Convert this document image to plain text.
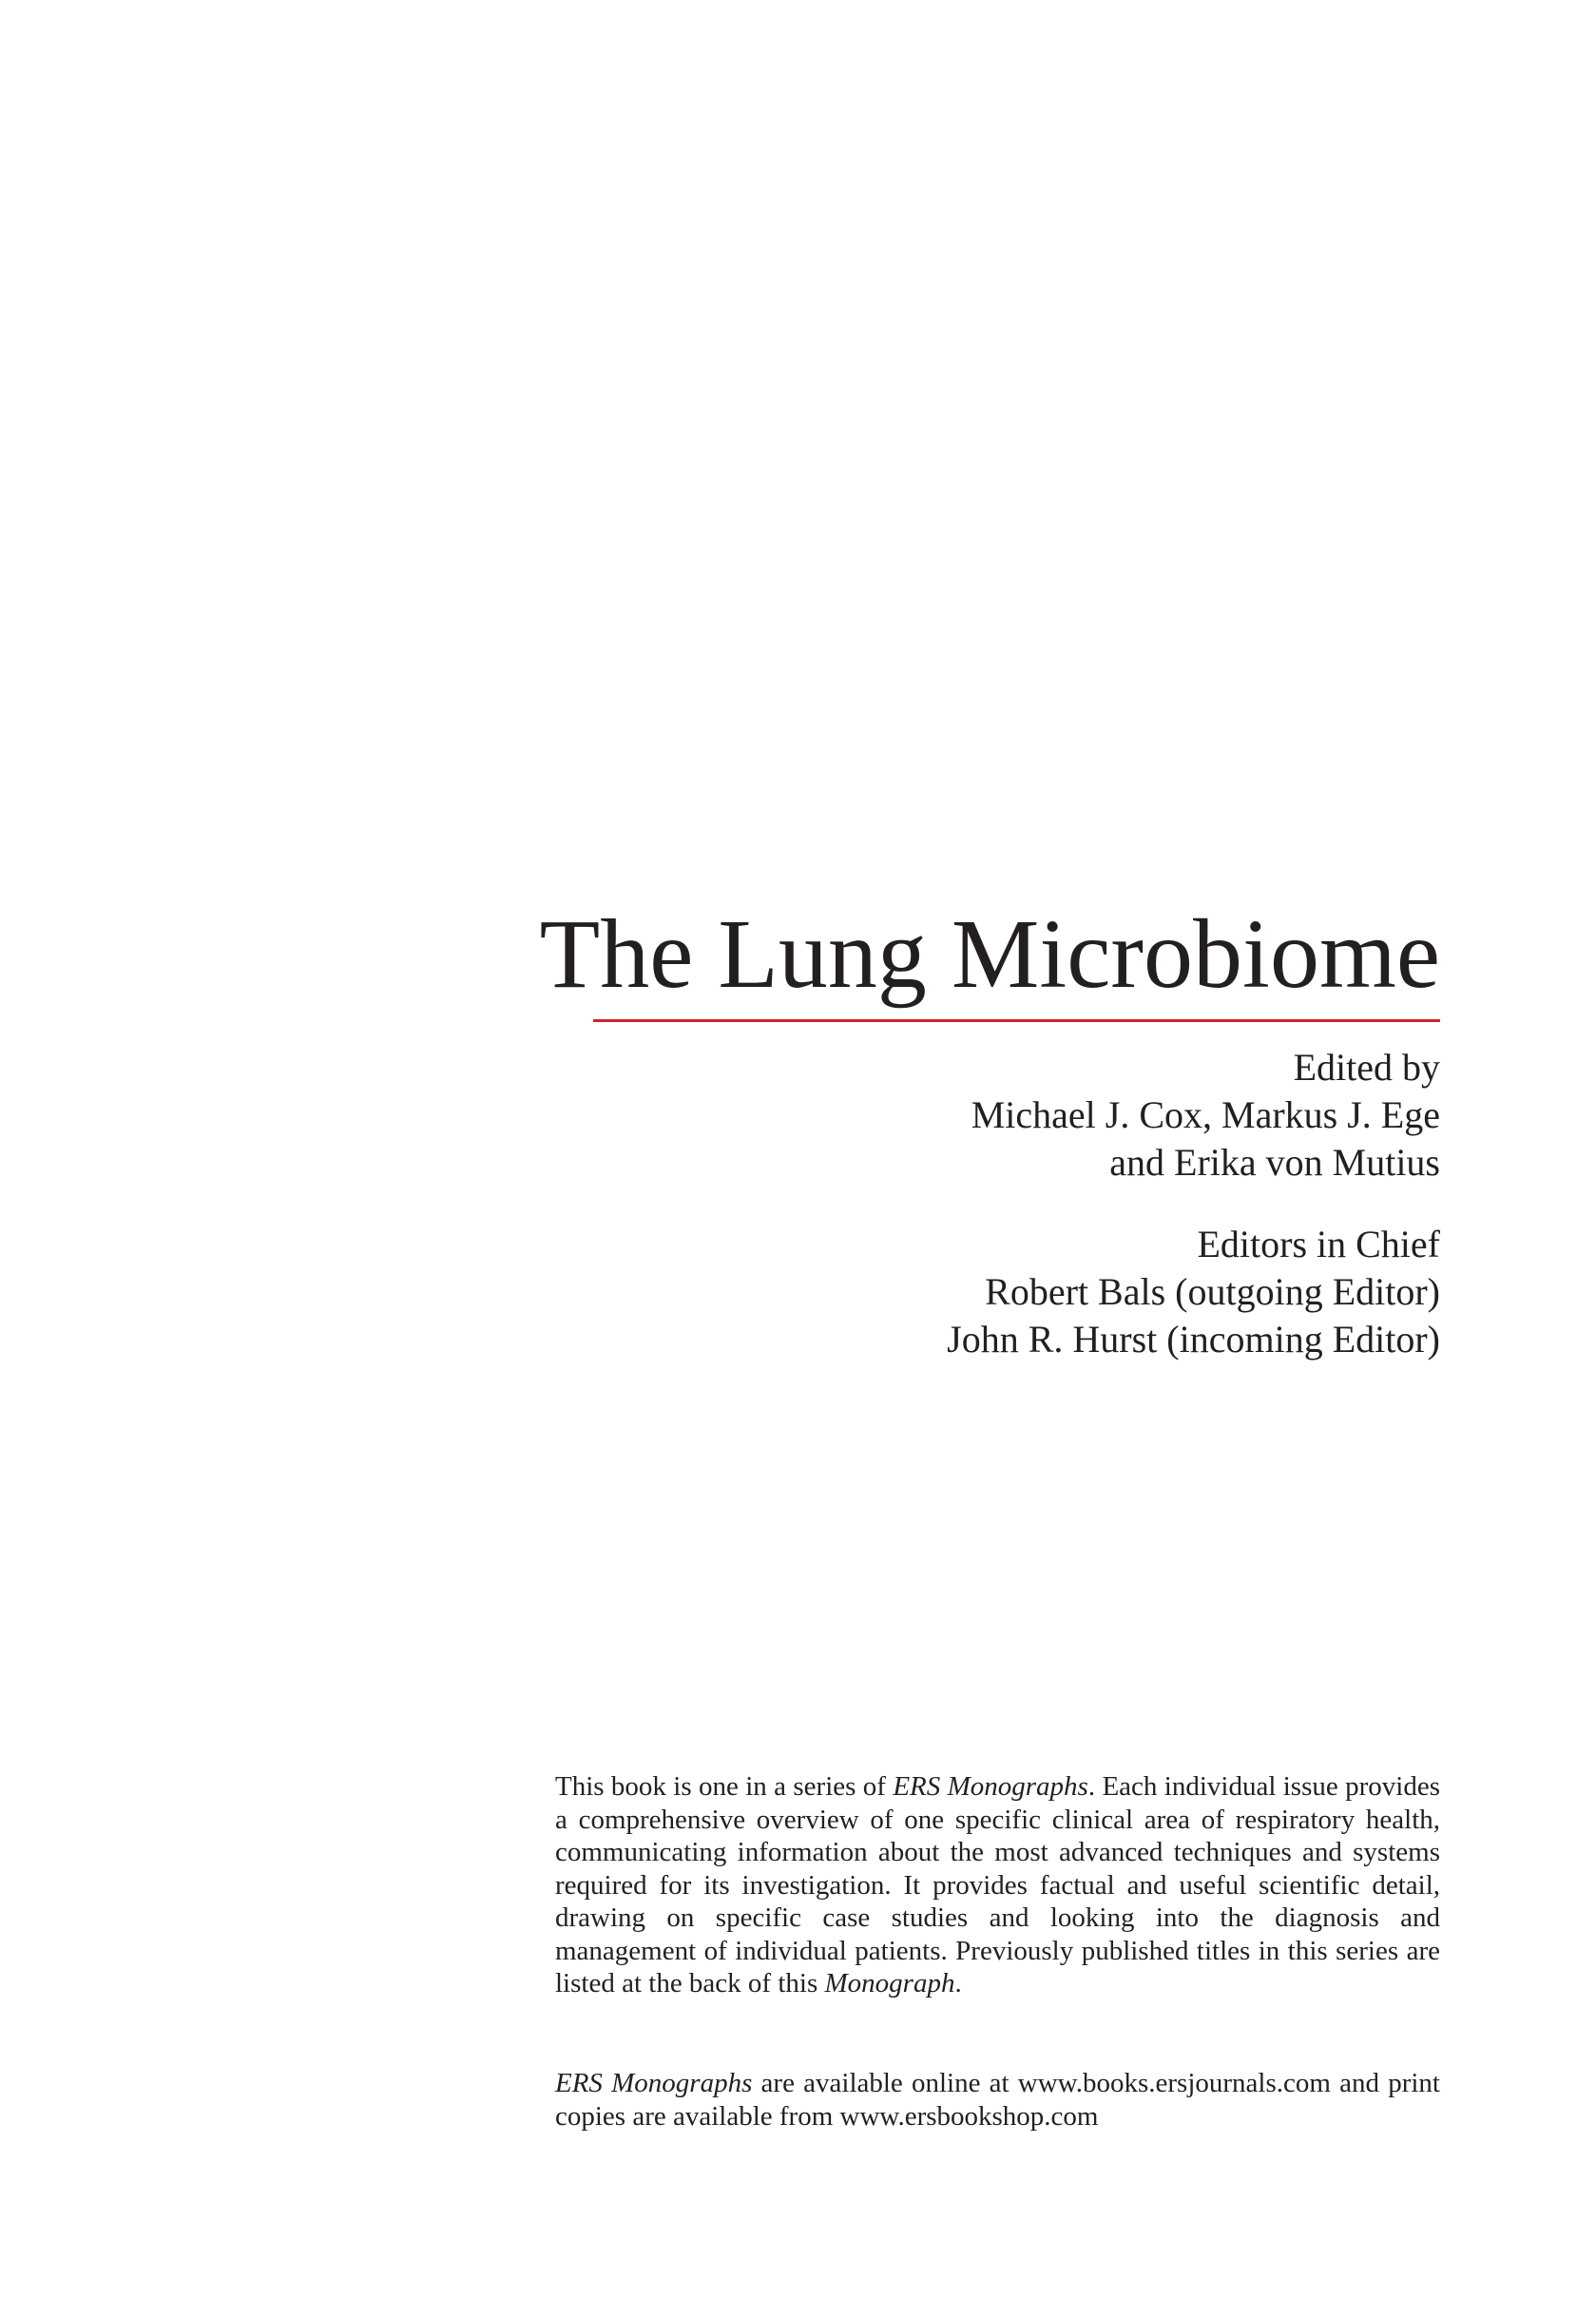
The Lung Microbiome

Edited by

Michael J. Cox, Markus J. Ege

and Erika von Mutius

Editors in Chief

Robert Bals (outgoing Editor)

John R. Hurst (incoming Editor)

This book is one in a series of ERS Monographs. Each individual issue provides a comprehensive overview of one specific clinical area of respiratory health, communicating information about the most advanced techniques and systems required for its investigation. It provides factual and useful scientific detail, drawing on specific case studies and looking into the diagnosis and management of individual patients. Previously published titles in this series are listed at the back of this Monograph.

ERS Monographs are available online at www.books.ersjournals.com and print copies are available from www.ersbookshop.com
